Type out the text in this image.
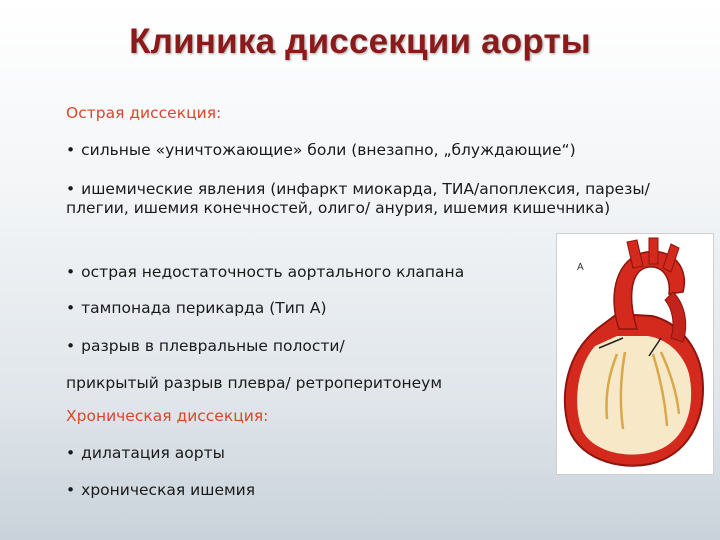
Клиника диссекции аорты
Острая диссекция:
• сильные «уничтожающие» боли (внезапно, „блуждающие“)
• ишемические явления (инфаркт миокарда, ТИА/апоплексия, парезы/ плегии, ишемия конечностей, олиго/ анурия, ишемия кишечника)
• острая недостаточность аортального клапана
• тампонада перикарда (Тип А)
• разрыв в плевральные полости/
прикрытый разрыв плевра/ ретроперитонеум
Хроническая диссекция:
• дилатация аорты
• хроническая ишемия
A
